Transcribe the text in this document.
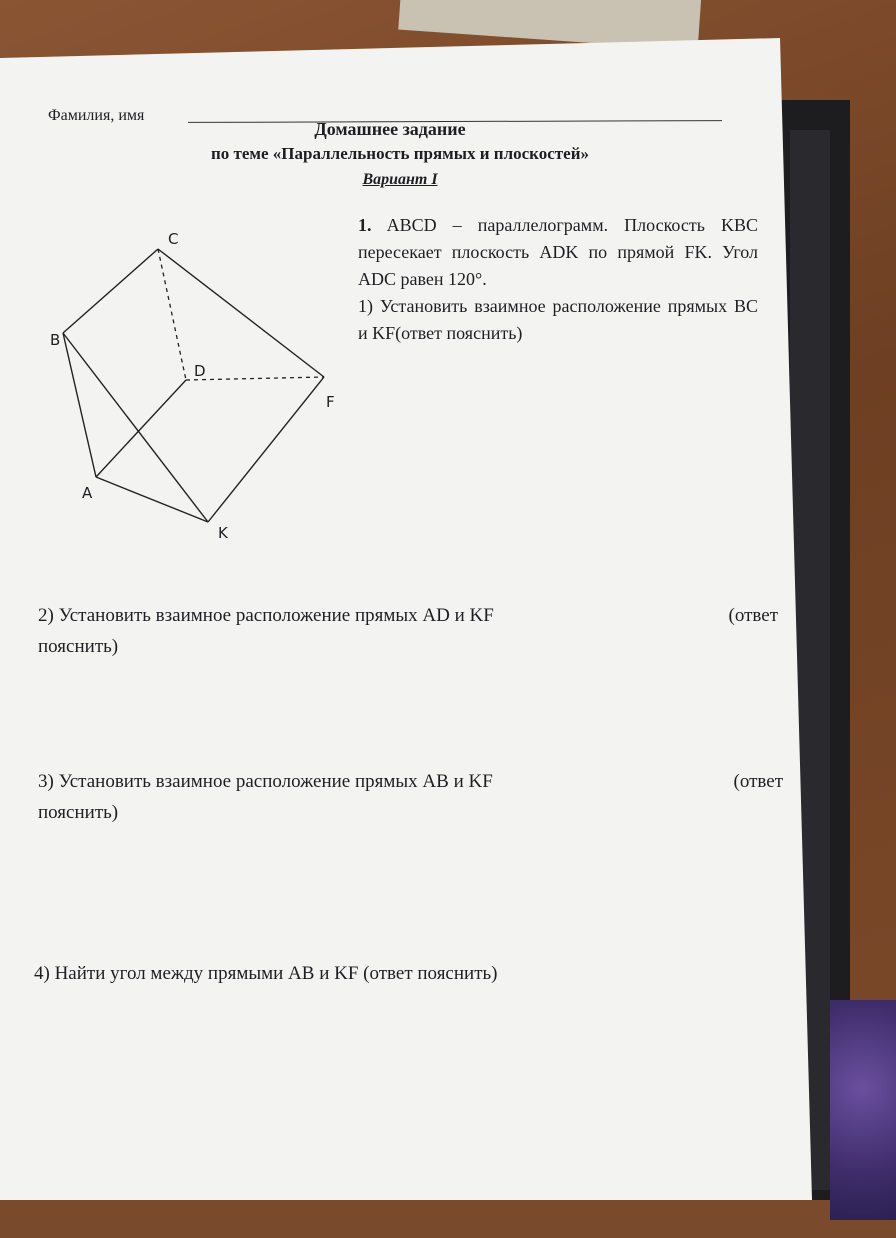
Фамилия, имя
Домашнее задание
по теме «Параллельность прямых и плоскостей»
Вариант I
1. ABCD – параллелограмм. Плоскость KBC пересекает плоскость ADK по прямой FK. Угол ADC равен 120°.
1) Установить взаимное расположение прямых BC и KF(ответ пояснить)
C
B
D
F
A
K
2) Установить взаимное расположение прямых AD и KF	(ответ
пояснить)
3) Установить взаимное расположение прямых AB и KF	(ответ
пояснить)
4) Найти угол между прямыми AB и KF (ответ пояснить)
